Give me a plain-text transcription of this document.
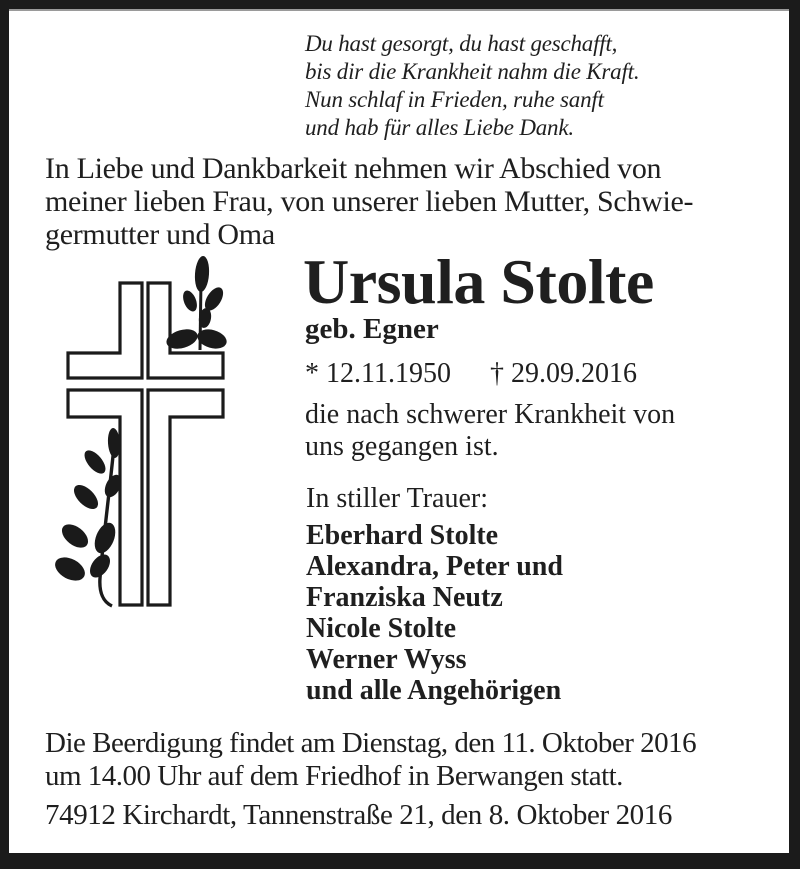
Du hast gesorgt, du hast geschafft,
bis dir die Krankheit nahm die Kraft.
Nun schlaf in Frieden, ruhe sanft
und hab für alles Liebe Dank.
In Liebe und Dankbarkeit nehmen wir Abschied von
meiner lieben Frau, von unserer lieben Mutter, Schwie-
germutter und Oma
Ursula Stolte
geb. Egner
* 12.11.1950 † 29.09.2016
die nach schwerer Krankheit von
uns gegangen ist.
In stiller Trauer:
Eberhard Stolte
Alexandra, Peter und
Franziska Neutz
Nicole Stolte
Werner Wyss
und alle Angehörigen
Die Beerdigung findet am Dienstag, den 11. Oktober 2016
um 14.00 Uhr auf dem Friedhof in Berwangen statt.
74912 Kirchardt, Tannenstraße 21, den 8. Oktober 2016
